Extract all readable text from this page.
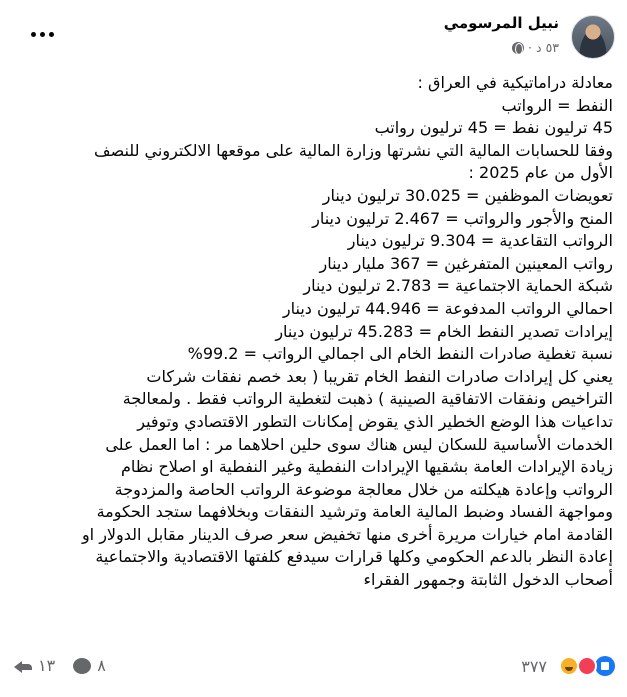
نبيل المرسومي
٥٣ د
·
معادلة دراماتيكية في العراق :
النفط = الرواتب
45 ترليون نفط = 45 ترليون رواتب
وفقا للحسابات المالية التي نشرتها وزارة المالية على موقعها الالكتروني للنصف
الأول من عام 2025 :
تعويضات الموظفين = 30.025 ترليون دينار
المنح والأجور والرواتب = 2.467 ترليون دينار
الرواتب التقاعدية = 9.304 ترليون دينار
رواتب المعينين المتفرغين = 367 مليار دينار
شبكة الحماية الاجتماعية = 2.783 ترليون دينار
احمالي الرواتب المدفوعة = 44.946 ترليون دينار
إيرادات تصدير النفط الخام = 45.283 ترليون دينار
نسبة تغطية صادرات النفط الخام الى اجمالي الرواتب = 99.2%
يعني كل إيرادات صادرات النفط الخام تقريبا ( بعد خصم نفقات شركات
التراخيص ونفقات الاتفاقية الصينية ) ذهبت لتغطية الرواتب فقط . ولمعالجة
تداعيات هذا الوضع الخطير الذي يقوض إمكانات التطور الاقتصادي وتوفير
الخدمات الأساسية للسكان ليس هناك سوى حلين احلاهما مر : اما العمل على
زيادة الإيرادات العامة بشقيها الإيرادات النفطية وغير النفطية او اصلاح نظام
الرواتب وإعادة هيكلته من خلال معالجة موضوعة الرواتب الحاصة والمزدوجة
ومواجهة الفساد وضبط المالية العامة وترشيد النفقات وبخلافهما ستجد الحكومة
القادمة امام خيارات مريرة أخرى منها تخفيض سعر صرف الدينار مقابل الدولار او
إعادة النظر بالدعم الحكومي وكلها قرارات سيدفع كلفتها الاقتصادية والاجتماعية
أصحاب الدخول الثابتة وجمهور الفقراء
٣٧٧
١٣	٨
